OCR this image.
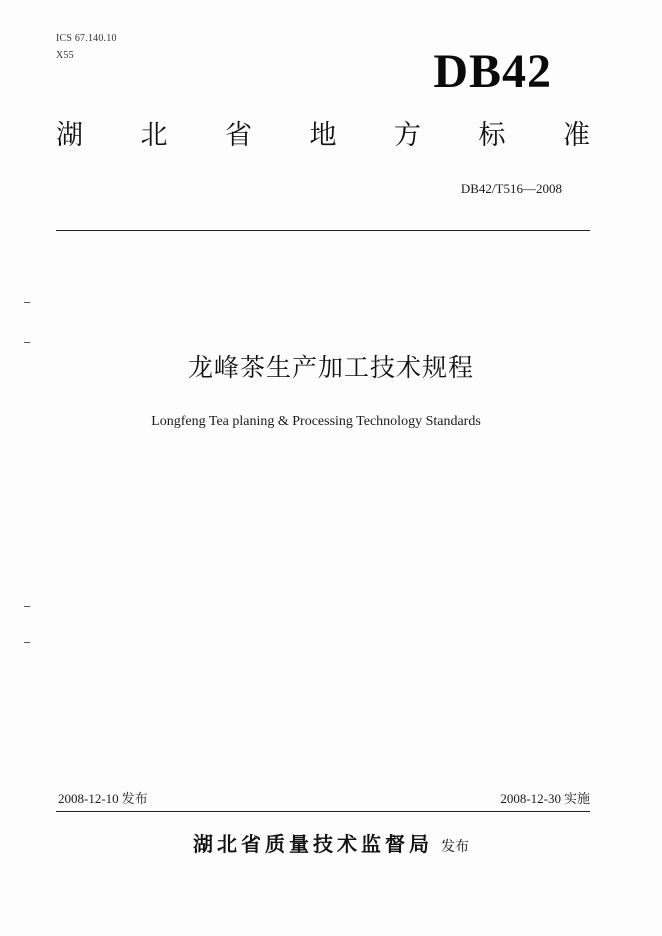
ICS 67.140.10
X55	DB42
湖 北 省 地 方 标 准
DB42/T516—2008
龙峰茶生产加工技术规程
Longfeng Tea planing & Processing Technology Standards
2008-12-10 发布	2008-12-30 实施
湖北省质量技术监督局 发布
